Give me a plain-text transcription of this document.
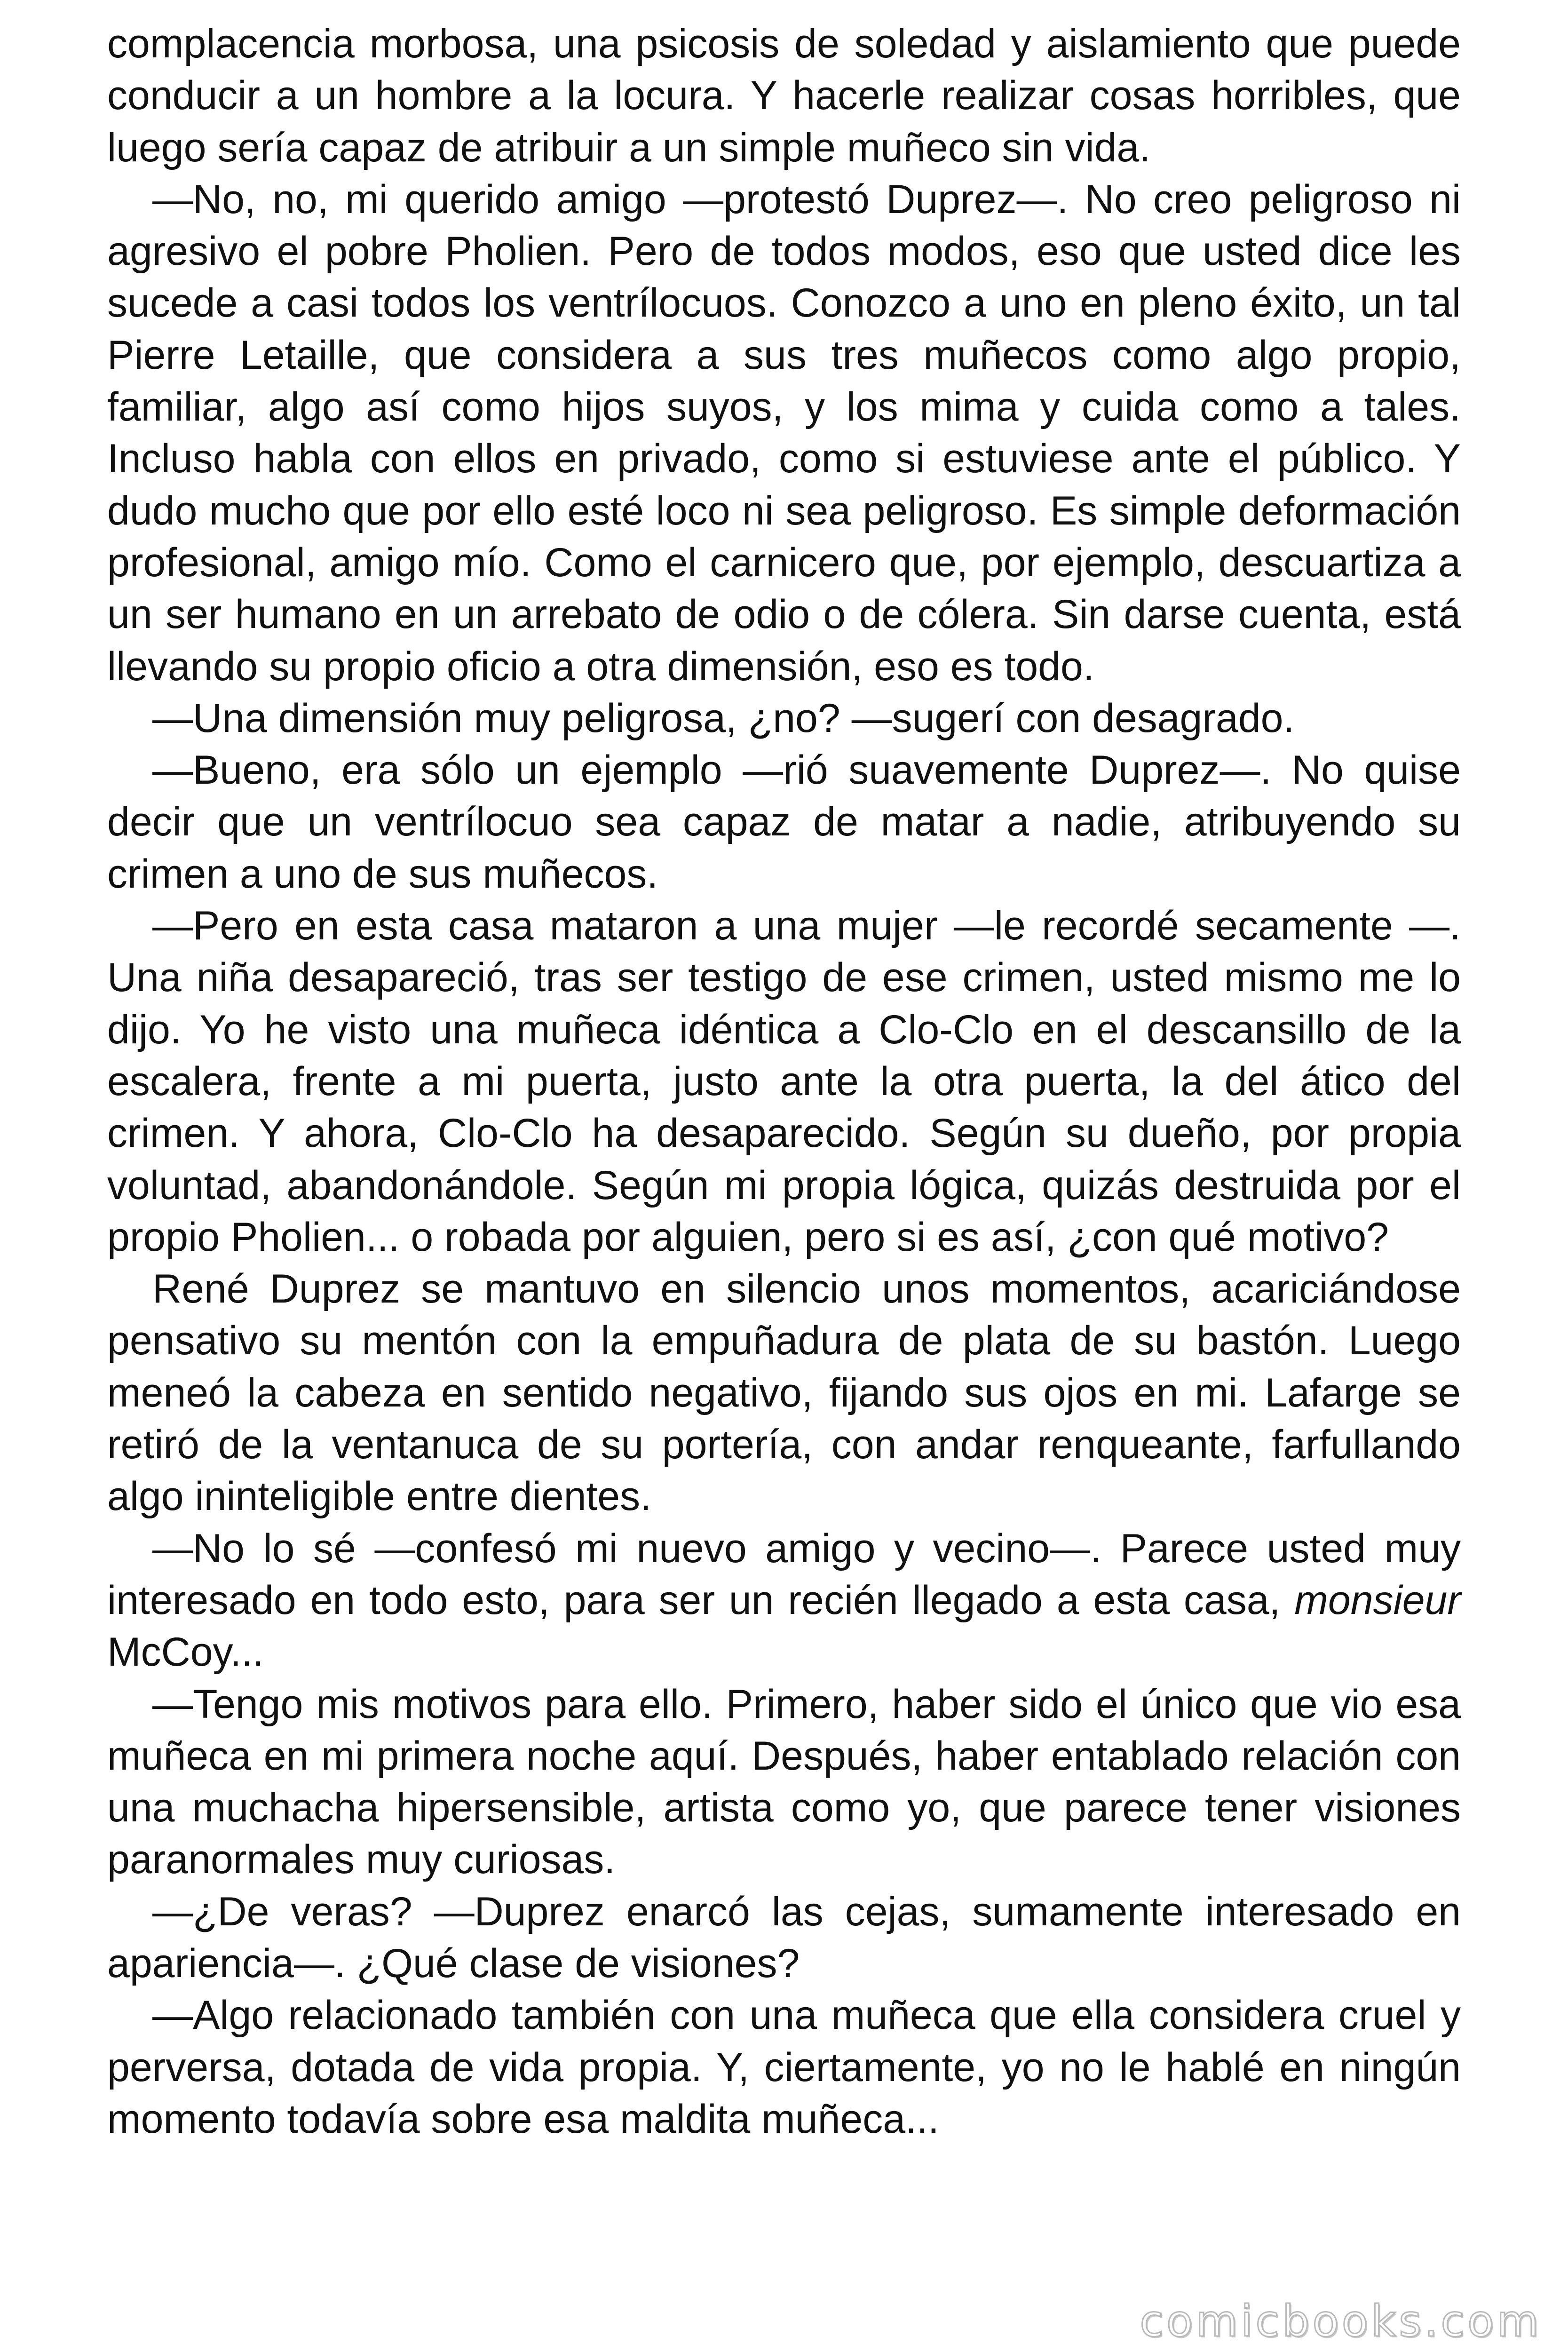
complacencia morbosa, una psicosis de soledad y aislamiento que puede conducir a un hombre a la locura. Y hacerle realizar cosas horribles, que luego sería capaz de atribuir a un simple muñeco sin vida.

—No, no, mi querido amigo —protestó Duprez—. No creo peligroso ni agresivo el pobre Pholien. Pero de todos modos, eso que usted dice les sucede a casi todos los ventrílocuos. Conozco a uno en pleno éxito, un tal Pierre Letaille, que considera a sus tres muñecos como algo propio, familiar, algo así como hijos suyos, y los mima y cuida como a tales. Incluso habla con ellos en privado, como si estuviese ante el público. Y dudo mucho que por ello esté loco ni sea peligroso. Es simple deformación profesional, amigo mío. Como el carnicero que, por ejemplo, descuartiza a un ser humano en un arrebato de odio o de cólera. Sin darse cuenta, está llevando su propio oficio a otra dimensión, eso es todo.

—Una dimensión muy peligrosa, ¿no? —sugerí con desagrado.

—Bueno, era sólo un ejemplo —rió suavemente Duprez—. No quise decir que un ventrílocuo sea capaz de matar a nadie, atribuyendo su crimen a uno de sus muñecos.

—Pero en esta casa mataron a una mujer —le recordé secamente —. Una niña desapareció, tras ser testigo de ese crimen, usted mismo me lo dijo. Yo he visto una muñeca idéntica a Clo-Clo en el descansillo de la escalera, frente a mi puerta, justo ante la otra puerta, la del ático del crimen. Y ahora, Clo-Clo ha desaparecido. Según su dueño, por propia voluntad, abandonándole. Según mi propia lógica, quizás destruida por el propio Pholien... o robada por alguien, pero si es así, ¿con qué motivo?

René Duprez se mantuvo en silencio unos momentos, acariciándose pensativo su mentón con la empuñadura de plata de su bastón. Luego meneó la cabeza en sentido negativo, fijando sus ojos en mi. Lafarge se retiró de la ventanuca de su portería, con andar renqueante, farfullando algo ininteligible entre dientes.

—No lo sé —confesó mi nuevo amigo y vecino—. Parece usted muy interesado en todo esto, para ser un recién llegado a esta casa, monsieur McCoy...

—Tengo mis motivos para ello. Primero, haber sido el único que vio esa muñeca en mi primera noche aquí. Después, haber entablado relación con una muchacha hipersensible, artista como yo, que parece tener visiones paranormales muy curiosas.

—¿De veras? —Duprez enarcó las cejas, sumamente interesado en apariencia—. ¿Qué clase de visiones?

—Algo relacionado también con una muñeca que ella considera cruel y perversa, dotada de vida propia. Y, ciertamente, yo no le hablé en ningún momento todavía sobre esa maldita muñeca...

comicbooks.com
